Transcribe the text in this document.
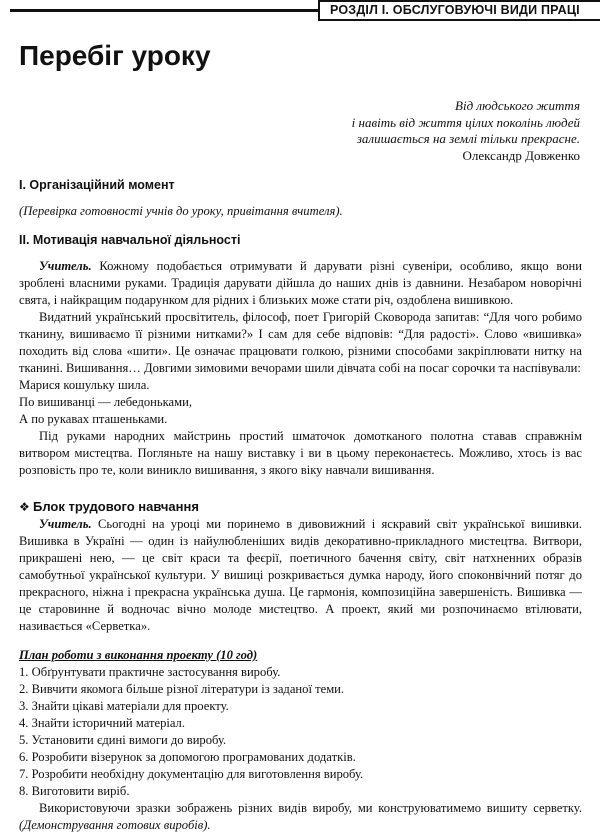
РОЗДІЛ І. ОБСЛУГОВУЮЧІ ВИДИ ПРАЦІ
Перебіг уроку
Від людського життя
і навіть від життя цілих поколінь людей
залишається на землі тільки прекрасне.
Олександр Довженко

І. Організаційний момент

(Перевірка готовності учнів до уроку, привітання вчителя).

ІІ. Мотивація навчальної діяльності

Учитель. Кожному подобається отримувати й дарувати різні сувеніри, особливо, якщо вони зроблені власними руками. Традиція дарувати дійшла до наших днів із давнини. Незабаром новорічні свята, і найкращим подарунком для рідних і близьких може стати річ, оздоблена вишивкою.

Видатний український просвітитель, філософ, поет Григорій Сковорода запитав: “Для чого робимо тканину, вишиваємо її різними нитками?» І сам для себе відповів: “Для радості». Слово «вишивка» походить від слова «шити». Це означає працювати голкою, різними способами закріплювати нитку на тканині. Вишивання… Довгими зимовими вечорами шили дівчата собі на посаг сорочки та наспівували:

Марися кошульку шила.
По вишиванці — лебедоньками,
А по рукавах пташеньками.

Під руками народних майстринь простий шматочок домотканого полотна ставав справжнім витвором мистецтва. Погляньте на нашу виставку і ви в цьому переконаєтесь. Можливо, хтось із вас розповість про те, коли виникло вишивання, з якого віку навчали вишивання.

❖ Блок трудового навчання

Учитель. Сьогодні на уроці ми поринемо в дивовижний і яскравий світ української вишивки. Вишивка в Україні — один із найулюбленіших видів декоративно-прикладного мистецтва. Витвори, прикрашені нею, — це світ краси та феєрії, поетичного бачення світу, світ натхненних образів самобутньої української культури. У вишиці розкривається думка народу, його споконвічний потяг до прекрасного, ніжна і прекрасна українська душа. Це гармонія, композиційна завершеність. Вишивка — це старовинне й водночас вічно молоде мистецтво. А проект, який ми розпочинаємо втілювати, називається «Серветка».

План роботи з виконання проекту (10 год)

1. Обґрунтувати практичне застосування виробу.
2. Вивчити якомога більше різної літератури із заданої теми.
3. Знайти цікаві матеріали для проекту.
4. Знайти історичний матеріал.
5. Установити єдині вимоги до виробу.
6. Розробити візерунок за допомогою програмованих додатків.
7. Розробити необхідну документацію для виготовлення виробу.
8. Виготовити виріб.

Використовуючи зразки зображень різних видів виробу, ми конструюватимемо вишиту серветку. (Демонстрування готових виробів).
